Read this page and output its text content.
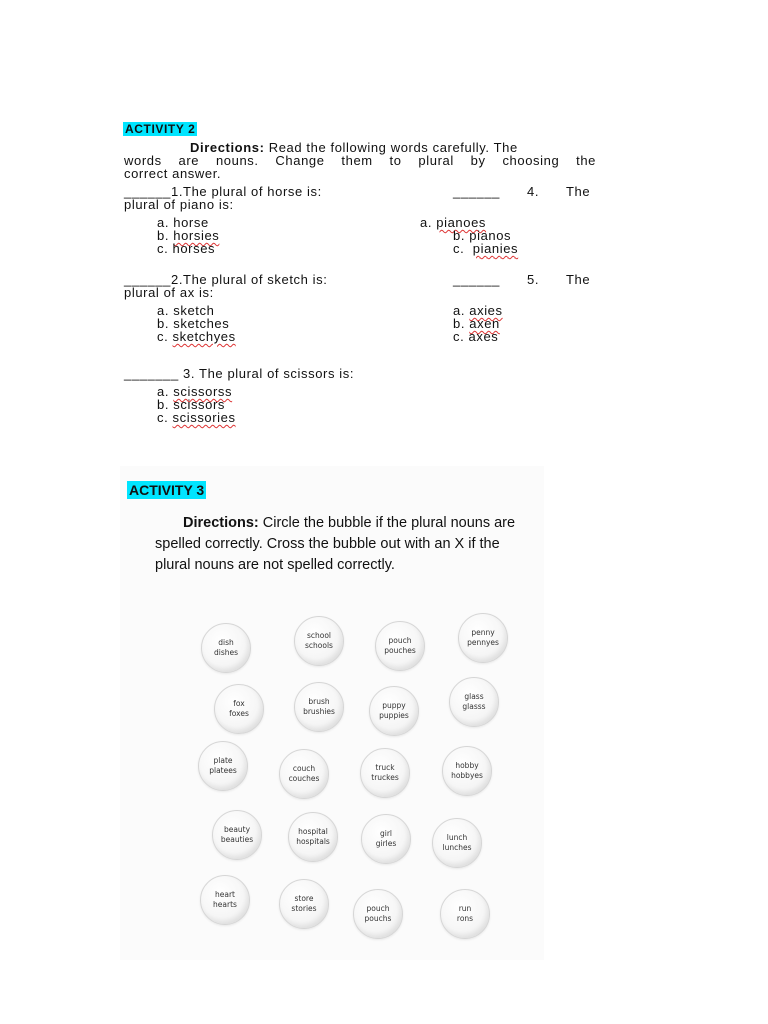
ACTIVITY 2
Directions: Read the following words carefully. The
words are nouns. Change them to plural by choosing the
correct answer.
______1.The plural of horse is:	______ 4. The
plural of piano is:
a. horse
b. horsies
c. horses
a. pianoes
b. pianos
c.  pianies
______2.The plural of sketch is:	______ 5. The
plural of ax is:
a. sketch
b. sketches
c. sketchyes
a. axies
b. axen
c. axes
_______ 3. The plural of scissors is:
a. scissorss
b. scissors
c. scissories
ACTIVITY 3
Directions: Circle the bubble if the plural nouns are
spelled correctly. Cross the bubble out with an X if the
plural nouns are not spelled correctly.
dish
dishes
school
schools
pouch
pouches
penny
pennyes
fox
foxes
brush
brushies
puppy
puppies
glass
glasss
plate
platees	couch
couches
truck
truckes
hobby
hobbyes
beauty
beauties
hospital
hospitals
girl
girles
lunch
lunches
heart
hearts
store
stories	pouch
pouchs
run
rons
